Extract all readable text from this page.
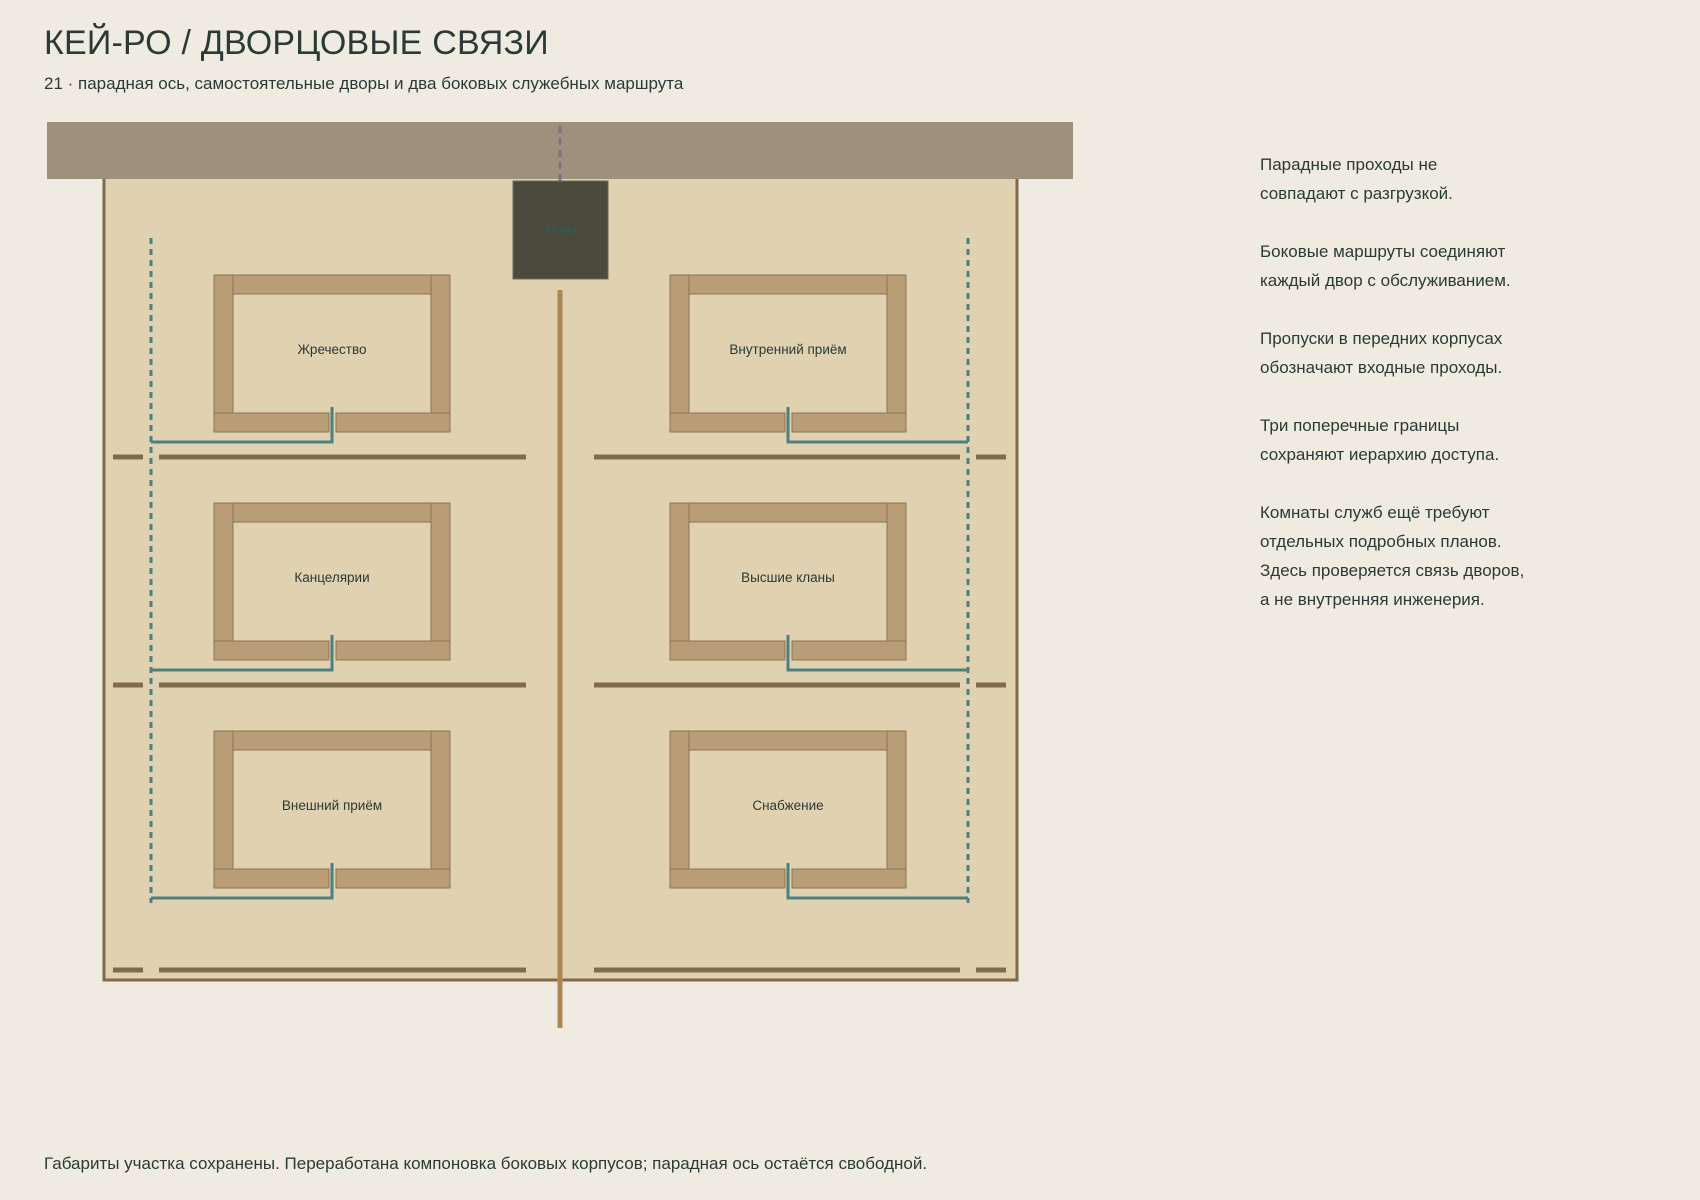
КЕЙ-РО / ДВОРЦОВЫЕ СВЯЗИ
21 · парадная ось, самостоятельные дворы и два боковых служебных маршрута
Жречество	Внутренний приём
Канцелярии	Высшие кланы
Внешний приём	Снабжение
ХРАМ

Парадные проходы не
совпадают с разгрузкой.

Боковые маршруты соединяют
каждый двор с обслуживанием.

Пропуски в передних корпусах
обозначают входные проходы.

Три поперечные границы
сохраняют иерархию доступа.

Комнаты служб ещё требуют
отдельных подробных планов.
Здесь проверяется связь дворов,
а не внутренняя инженерия.

Габариты участка сохранены. Переработана компоновка боковых корпусов; парадная ось остаётся свободной.
